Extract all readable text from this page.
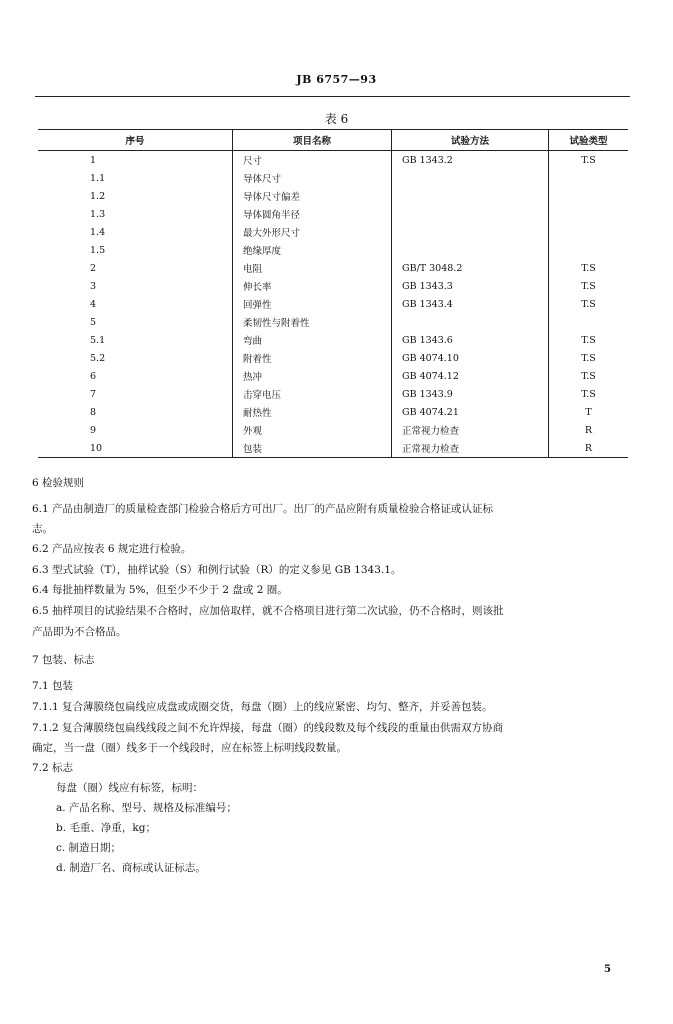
JB 6757—93
表 6
序号	项目名称	试验方法	试验类型
1	尺寸	GB 1343.2	T.S
1.1	导体尺寸		
1.2	导体尺寸偏差		
1.3	导体圆角半径		
1.4	最大外形尺寸		
1.5	绝缘厚度		
2	电阻	GB/T 3048.2	T.S
3	伸长率	GB 1343.3	T.S
4	回弹性	GB 1343.4	T.S
5	柔韧性与附着性		
5.1	弯曲	GB 1343.6	T.S
5.2	附着性	GB 4074.10	T.S
6	热冲	GB 4074.12	T.S
7	击穿电压	GB 1343.9	T.S
8	耐热性	GB 4074.21	T
9	外观	正常视力检查	R
10	包装	正常视力检查	R
6 检验规则
6.1 产品由制造厂的质量检查部门检验合格后方可出厂。出厂的产品应附有质量检验合格证或认证标
志。
6.2 产品应按表 6 规定进行检验。
6.3 型式试验（T），抽样试验（S）和例行试验（R）的定义参见 GB 1343.1。
6.4 每批抽样数量为 5%，但至少不少于 2 盘或 2 圈。
6.5 抽样项目的试验结果不合格时，应加倍取样，就不合格项目进行第二次试验，仍不合格时，则该批
产品即为不合格品。
7 包装、标志
7.1 包装
7.1.1 复合薄膜绕包扁线应成盘或成圈交货，每盘（圈）上的线应紧密、均匀、整齐，并妥善包装。
7.1.2 复合薄膜绕包扁线线段之间不允许焊接，每盘（圈）的线段数及每个线段的重量由供需双方协商
确定，当一盘（圈）线多于一个线段时，应在标签上标明线段数量。
7.2 标志
每盘（圈）线应有标签，标明：
a. 产品名称、型号、规格及标准编号；
b. 毛重、净重，kg；
c. 制造日期；
d. 制造厂名、商标或认证标志。
5
